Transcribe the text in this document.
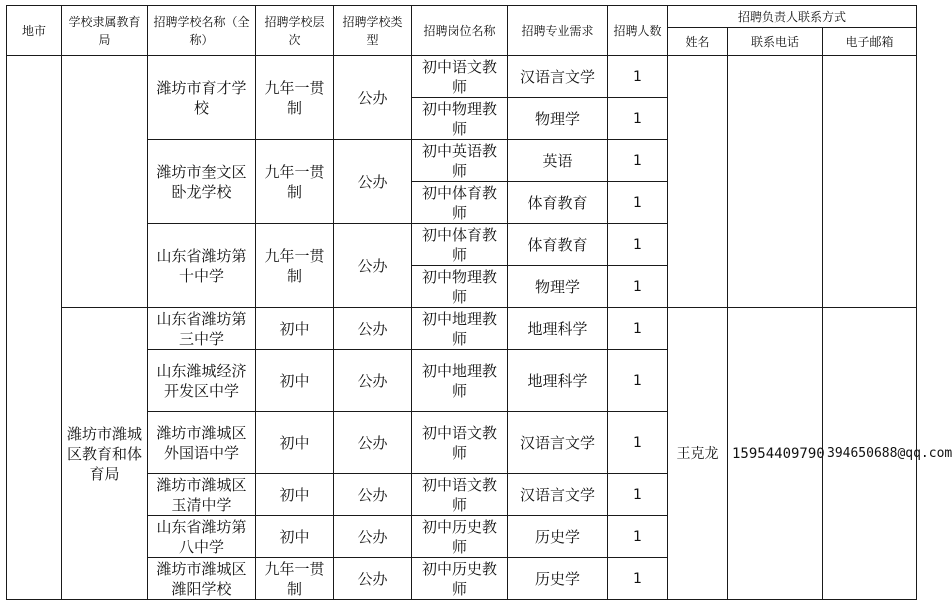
地市	学校隶属教育局	招聘学校名称（全称）	招聘学校层次	招聘学校类型	招聘岗位名称	招聘专业需求	招聘人数	招聘负责人联系方式		
								姓名	联系电话	电子邮箱
		潍坊市育才学校	九年一贯制	公办	初中语文教师	汉语言文学	1			
					初中物理教师	物理学	1			
		潍坊市奎文区卧龙学校	九年一贯制	公办	初中英语教师	英语	1			
					初中体育教师	体育教育	1			
		山东省潍坊第十中学	九年一贯制	公办	初中体育教师	体育教育	1			
					初中物理教师	物理学	1			
	潍坊市潍城区教育和体育局	山东省潍坊第三中学	初中	公办	初中地理教师	地理科学	1	王克龙	15954409790	394650688@qq.com
		山东潍城经济开发区中学	初中	公办	初中地理教师	地理科学	1			
		潍坊市潍城区外国语中学	初中	公办	初中语文教师	汉语言文学	1			
		潍坊市潍城区玉清中学	初中	公办	初中语文教师	汉语言文学	1			
		山东省潍坊第八中学	初中	公办	初中历史教师	历史学	1			
		潍坊市潍城区潍阳学校	九年一贯制	公办	初中历史教师	历史学	1			
